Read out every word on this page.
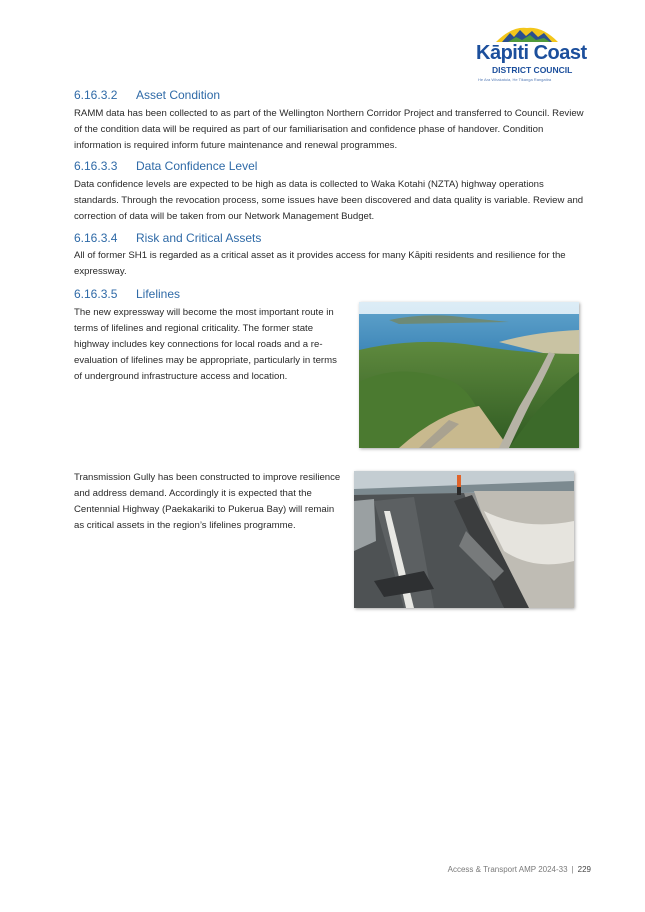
Kāpiti Coast
DISTRICT COUNCIL
He Ara Whakatuia, He Tikanga Rangatira
6.16.3.2 Asset Condition

RAMM data has been collected to as part of the Wellington Northern Corridor Project and transferred to Council. Review of the condition data will be required as part of our familiarisation and confidence phase of handover. Condition information is required inform future maintenance and renewal programmes.

6.16.3.3 Data Confidence Level

Data confidence levels are expected to be high as data is collected to Waka Kotahi (NZTA) highway operations standards. Through the revocation process, some issues have been discovered and data quality is variable. Review and correction of data will be taken from our Network Management Budget.

6.16.3.4 Risk and Critical Assets

All of former SH1 is regarded as a critical asset as it provides access for many Kāpiti residents and resilience for the expressway.

6.16.3.5 Lifelines

The new expressway will become the most important route in terms of lifelines and regional criticality. The former state highway includes key connections for local roads and a re-evaluation of lifelines may be appropriate, particularly in terms of underground infrastructure access and location.

Transmission Gully has been constructed to improve resilience and address demand. Accordingly it is expected that the Centennial Highway (Paekakariki to Pukerua Bay) will remain as critical assets in the region’s lifelines programme.

Access & Transport AMP 2024-33 | 229
